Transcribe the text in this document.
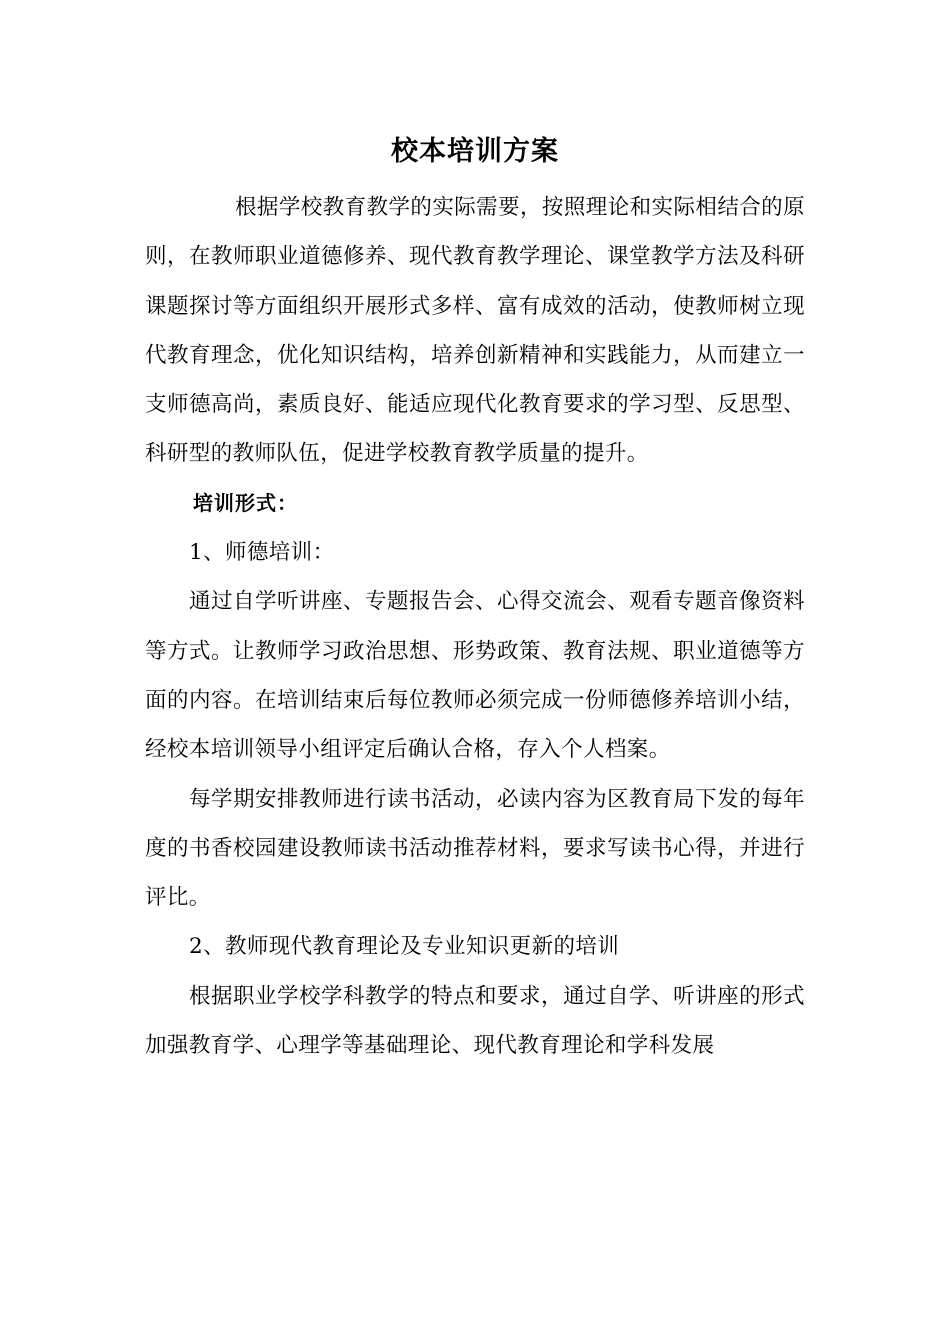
校本培训方案

根据学校教育教学的实际需要，按照理论和实际相结合的原则，在教师职业道德修养、现代教育教学理论、课堂教学方法及科研课题探讨等方面组织开展形式多样、富有成效的活动，使教师树立现代教育理念，优化知识结构，培养创新精神和实践能力，从而建立一支师德高尚，素质良好、能适应现代化教育要求的学习型、反思型、科研型的教师队伍，促进学校教育教学质量的提升。

培训形式：

1、师德培训：

通过自学听讲座、专题报告会、心得交流会、观看专题音像资料等方式。让教师学习政治思想、形势政策、教育法规、职业道德等方面的内容。在培训结束后每位教师必须完成一份师德修养培训小结，经校本培训领导小组评定后确认合格，存入个人档案。

每学期安排教师进行读书活动，必读内容为区教育局下发的每年度的书香校园建设教师读书活动推荐材料，要求写读书心得，并进行评比。

2、教师现代教育理论及专业知识更新的培训

根据职业学校学科教学的特点和要求，通过自学、听讲座的形式加强教育学、心理学等基础理论、现代教育理论和学科发展
